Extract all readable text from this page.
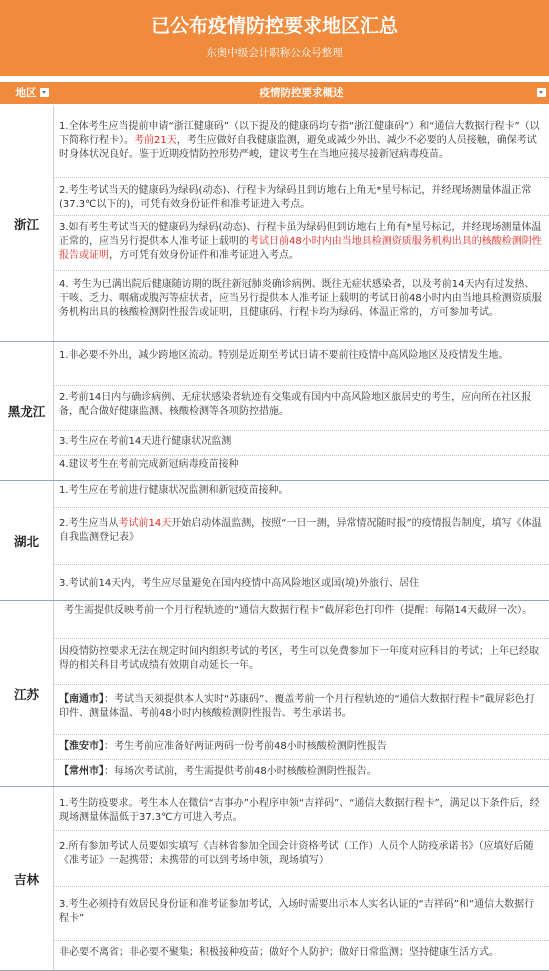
已公布疫情防控要求地区汇总
东奥中级会计职称公众号整理
地区	疫情防控要求概述
浙江
1.全体考生应当提前申请“浙江健康码”（以下提及的健康码均专指“浙江健康码”）和“通信大数据行程卡”（以下简称行程卡）。考前21天，考生应做好自我健康监测，避免或减少外出、减少不必要的人员接触，确保考试时身体状况良好。鉴于近期疫情防控形势严峻，建议考生在当地应接尽接新冠病毒疫苗。
2.考生考试当天的健康码为绿码(动态)、行程卡为绿码且到访地右上角无*星号标记，并经现场测量体温正常(37.3℃以下的)，可凭有效身份证件和准考证进入考点。
3.如有考生考试当天的健康码为绿码(动态)、行程卡虽为绿码但到访地右上角有*星号标记，并经现场测量体温正常的，应当另行提供本人准考证上载明的考试日前48小时内由当地具检测资质服务机构出具的核酸检测阴性报告或证明，方可凭有效身份证件和准考证进入考点。
4. 考生为已满出院后健康随访期的既往新冠肺炎确诊病例、既往无症状感染者，以及考前14天内有过发热、干咳、乏力、咽痛或腹泻等症状者，应当另行提供本人准考证上载明的考试日前48小时内由当地具检测资质服务机构出具的核酸检测阴性报告或证明，且健康码、行程卡均为绿码、体温正常的，方可参加考试。
黑龙江
1.非必要不外出，减少跨地区流动。特别是近期至考试日请不要前往疫情中高风险地区及疫情发生地。
2.考前14日内与确诊病例、无症状感染者轨迹有交集或有国内中高风险地区旅居史的考生，应向所在社区报备，配合做好健康监测、核酸检测等各项防控措施。
3.考生应在考前14天进行健康状况监测
4.建议考生在考前完成新冠病毒疫苗接种
湖北
1.考生应在考前进行健康状况监测和新冠疫苗接种。
2.考生应当从考试前14天开始启动体温监测，按照“一日一测，异常情况随时报”的疫情报告制度，填写《体温自我监测登记表》
3.考试前14天内，考生应尽量避免在国内疫情中高风险地区或国(境)外旅行、居住
江苏
考生需提供反映考前一个月行程轨迹的“通信大数据行程卡”截屏彩色打印件（提醒：每隔14天截屏一次）。
因疫情防控要求无法在规定时间内组织考试的考区，考生可以免费参加下一年度对应科目的考试；上年已经取得的相关科目考试成绩有效期自动延长一年。
【南通市】：考试当天须提供本人实时“苏康码”、覆盖考前一个月行程轨迹的“通信大数据行程卡”截屏彩色打印件、测量体温、考前48小时内核酸检测阴性报告、考生承诺书。
【淮安市】：考生考前应准备好两证两码一份考前48小时核酸检测阴性报告
【常州市】：每场次考试前，考生需提供考前48小时核酸检测阴性报告。
吉林
1.考生防疫要求。考生本人在微信“吉事办”小程序申领“吉祥码”、“通信大数据行程卡”，满足以下条件后，经现场测量体温低于37.3℃方可进入考点。
2.所有参加考试人员要如实填写《吉林省参加全国会计资格考试（工作）人员个人防疫承诺书》（应填好后随《准考证》一起携带；未携带的可以到考场申领，现场填写）
3.考生必须持有效居民身份证和准考证参加考试，入场时需要出示本人实名认证的“吉祥码”和“通信大数据行程卡”
非必要不离省；非必要不聚集；积极接种疫苗；做好个人防护；做好日常监测；坚持健康生活方式。
